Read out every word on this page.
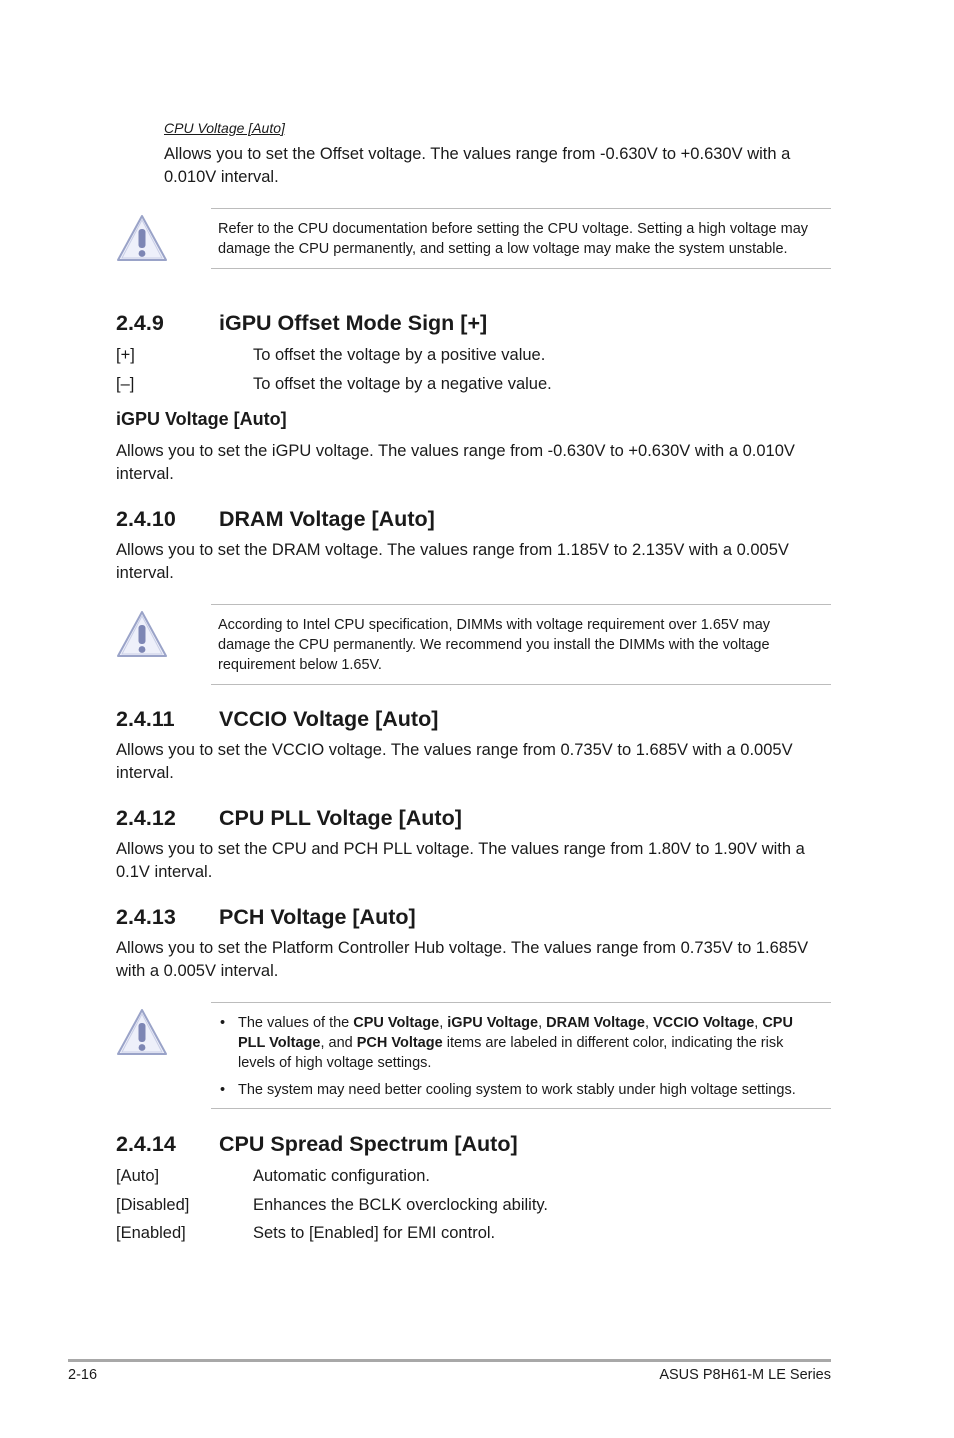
CPU Voltage [Auto]
Allows you to set the Offset voltage. The values range from -0.630V to +0.630V with a 0.010V interval.
Refer to the CPU documentation before setting the CPU voltage. Setting a high voltage may damage the CPU permanently, and setting a low voltage may make the system unstable.
2.4.9	iGPU Offset Mode Sign [+]
[+]	To offset the voltage by a positive value.
[–]	To offset the voltage by a negative value.
iGPU Voltage [Auto]
Allows you to set the iGPU voltage. The values range from -0.630V to +0.630V with a 0.010V interval.
2.4.10 DRAM Voltage [Auto]
Allows you to set the DRAM voltage. The values range from 1.185V to 2.135V with a 0.005V interval.
According to Intel CPU specification, DIMMs with voltage requirement over 1.65V may damage the CPU permanently. We recommend you install the DIMMs with the voltage requirement below 1.65V.
2.4.11 VCCIO Voltage [Auto]
Allows you to set the VCCIO voltage. The values range from 0.735V to 1.685V with a 0.005V interval.
2.4.12 CPU PLL Voltage [Auto]
Allows you to set the CPU and PCH PLL voltage. The values range from 1.80V to 1.90V with a 0.1V interval.
2.4.13 PCH Voltage [Auto]
Allows you to set the Platform Controller Hub voltage. The values range from 0.735V to 1.685V with a 0.005V interval.
• The values of the CPU Voltage, iGPU Voltage, DRAM Voltage, VCCIO Voltage, CPU PLL Voltage, and PCH Voltage items are labeled in different color, indicating the risk levels of high voltage settings.
• The system may need better cooling system to work stably under high voltage settings.
2.4.14 CPU Spread Spectrum [Auto]
[Auto]	Automatic configuration.
[Disabled]	Enhances the BCLK overclocking ability.
[Enabled]	Sets to [Enabled] for EMI control.
2-16	ASUS P8H61-M LE Series
